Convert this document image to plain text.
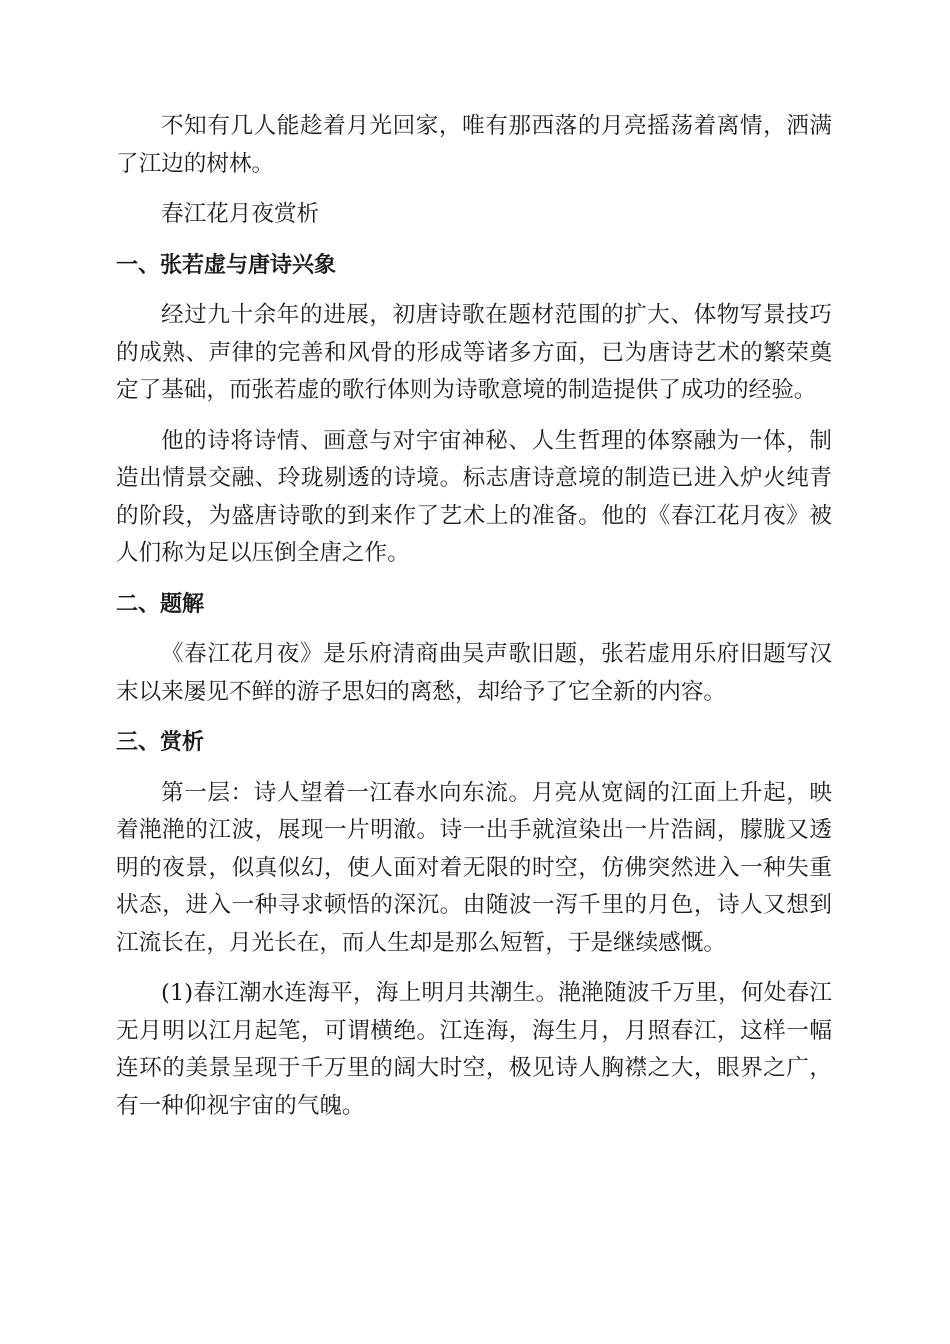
不知有几人能趁着月光回家，唯有那西落的月亮摇荡着离情，洒满了江边的树林。

春江花月夜赏析

一、张若虚与唐诗兴象

经过九十余年的进展，初唐诗歌在题材范围的扩大、体物写景技巧的成熟、声律的完善和风骨的形成等诸多方面，已为唐诗艺术的繁荣奠定了基础，而张若虚的歌行体则为诗歌意境的制造提供了成功的经验。

他的诗将诗情、画意与对宇宙神秘、人生哲理的体察融为一体，制造出情景交融、玲珑剔透的诗境。标志唐诗意境的制造已进入炉火纯青的阶段，为盛唐诗歌的到来作了艺术上的准备。他的《春江花月夜》被人们称为足以压倒全唐之作。

二、题解

《春江花月夜》是乐府清商曲吴声歌旧题，张若虚用乐府旧题写汉末以来屡见不鲜的游子思妇的离愁，却给予了它全新的内容。

三、赏析

第一层：诗人望着一江春水向东流。月亮从宽阔的江面上升起，映着滟滟的江波，展现一片明澈。诗一出手就渲染出一片浩阔，朦胧又透明的夜景，似真似幻，使人面对着无限的时空，仿佛突然进入一种失重状态，进入一种寻求顿悟的深沉。由随波一泻千里的月色，诗人又想到江流长在，月光长在，而人生却是那么短暂，于是继续感慨。

(1)春江潮水连海平，海上明月共潮生。滟滟随波千万里，何处春江无月明以江月起笔，可谓横绝。江连海，海生月，月照春江，这样一幅连环的美景呈现于千万里的阔大时空，极见诗人胸襟之大，眼界之广，有一种仰视宇宙的气魄。
